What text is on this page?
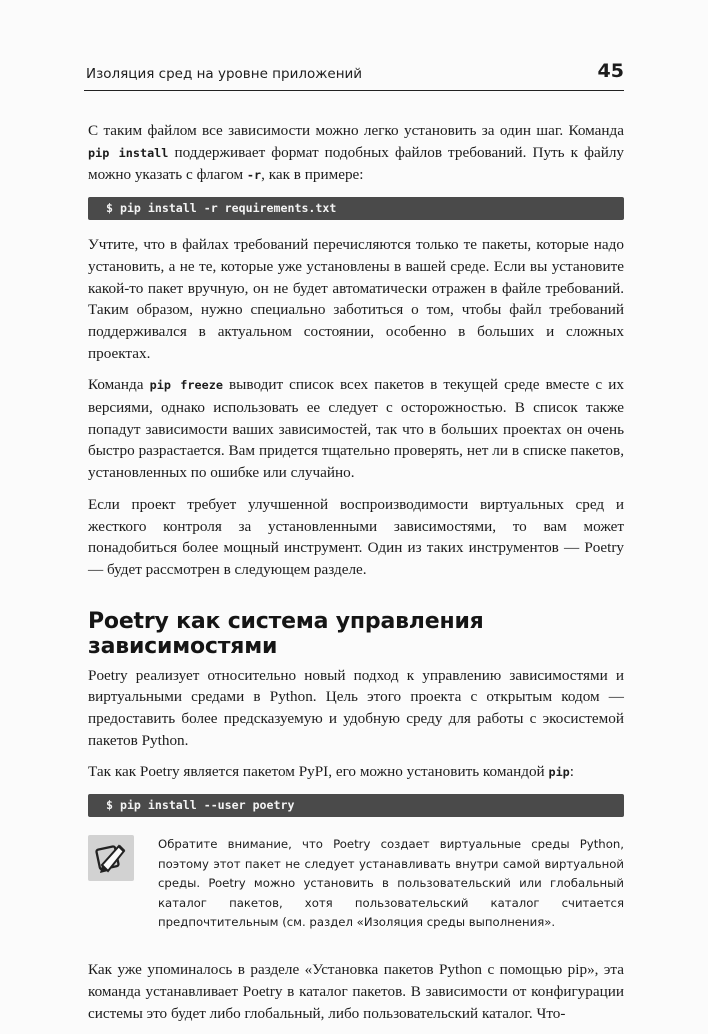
Изоляция сред на уровне приложений	45

С таким файлом все зависимости можно легко установить за один шаг. Команда pip install поддерживает формат подобных файлов требований. Путь к файлу можно указать с флагом -r, как в примере:

$ pip install -r requirements.txt

Учтите, что в файлах требований перечисляются только те пакеты, которые надо установить, а не те, которые уже установлены в вашей среде. Если вы установите какой-то пакет вручную, он не будет автоматически отражен в файле требований. Таким образом, нужно специально заботиться о том, чтобы файл требований поддерживался в актуальном состоянии, особенно в больших и сложных проектах.

Команда pip freeze выводит список всех пакетов в текущей среде вместе с их версиями, однако использовать ее следует с осторожностью. В список также попадут зависимости ваших зависимостей, так что в больших проектах он очень быстро разрастается. Вам придется тщательно проверять, нет ли в списке пакетов, установленных по ошибке или случайно.

Если проект требует улучшенной воспроизводимости виртуальных сред и жесткого контроля за установленными зависимостями, то вам может понадобиться более мощный инструмент. Один из таких инструментов — Poetry — будет рассмотрен в следующем разделе.

Poetry как система управления зависимостями

Poetry реализует относительно новый подход к управлению зависимостями и виртуальными средами в Python. Цель этого проекта с открытым кодом — предоставить более предсказуемую и удобную среду для работы с экосистемой пакетов Python.

Так как Poetry является пакетом PyPI, его можно установить командой pip:

$ pip install --user poetry

Обратите внимание, что Poetry создает виртуальные среды Python, поэтому этот пакет не следует устанавливать внутри самой виртуальной среды. Poetry можно установить в пользовательский или глобальный каталог пакетов, хотя пользовательский каталог считается предпочтительным (см. раздел «Изоляция среды выполнения».

Как уже упоминалось в разделе «Установка пакетов Python с помощью pip», эта команда устанавливает Poetry в каталог пакетов. В зависимости от конфигурации системы это будет либо глобальный, либо пользовательский каталог. Что-
